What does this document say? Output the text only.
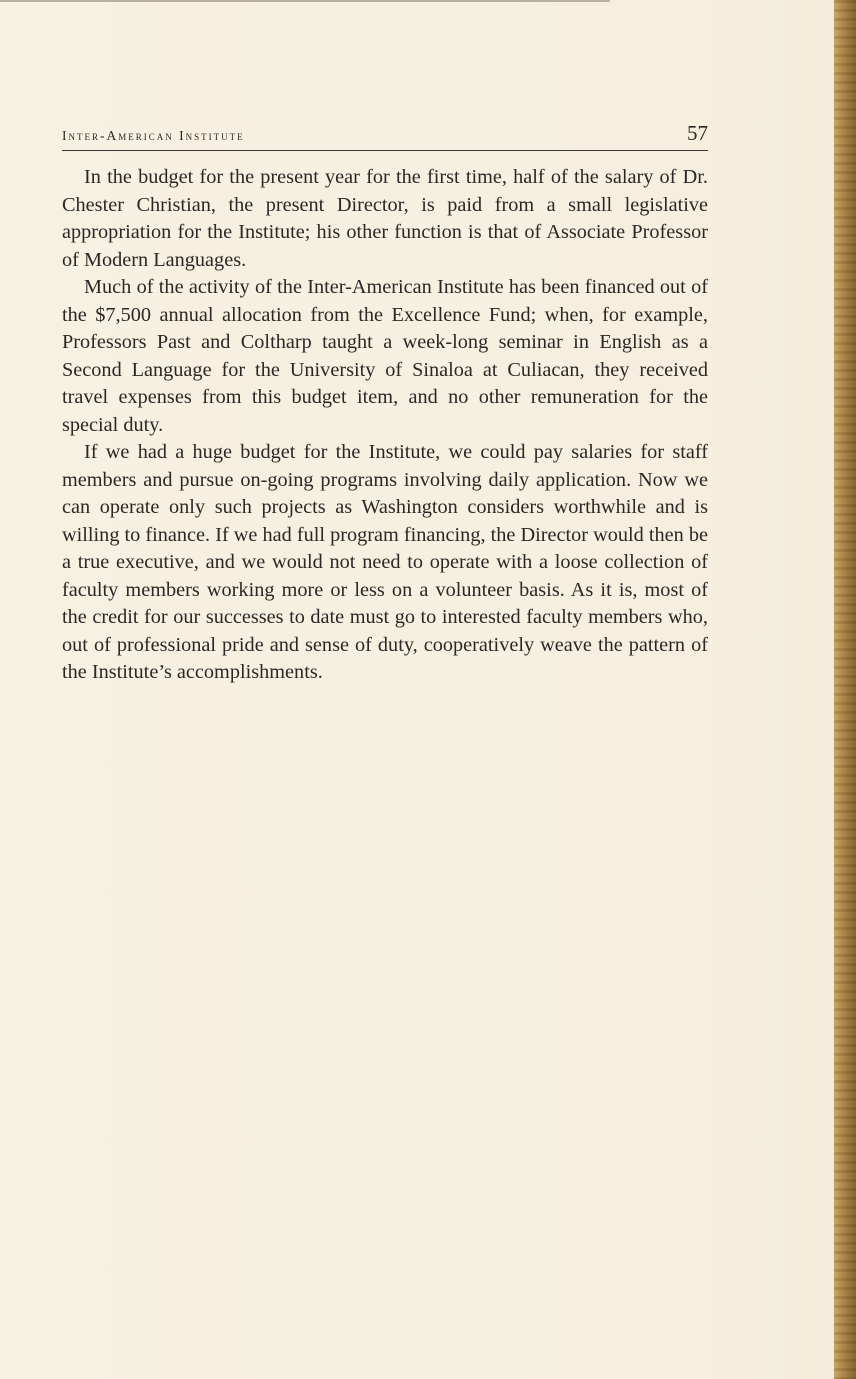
Inter-American Institute	57

In the budget for the present year for the first time, half of the salary of Dr. Chester Christian, the present Director, is paid from a small legislative appropriation for the Institute; his other function is that of Associate Professor of Modern Languages.

Much of the activity of the Inter-American Institute has been financed out of the $7,500 annual allocation from the Excellence Fund; when, for example, Professors Past and Coltharp taught a week-long seminar in English as a Second Language for the University of Sinaloa at Culiacan, they received travel expenses from this budget item, and no other remuneration for the special duty.

If we had a huge budget for the Institute, we could pay salaries for staff members and pursue on-going programs involving daily application. Now we can operate only such projects as Washington considers worthwhile and is willing to finance. If we had full program financing, the Director would then be a true executive, and we would not need to operate with a loose collection of faculty members working more or less on a volunteer basis. As it is, most of the credit for our successes to date must go to interested faculty members who, out of professional pride and sense of duty, cooperatively weave the pattern of the Institute’s accomplishments.
